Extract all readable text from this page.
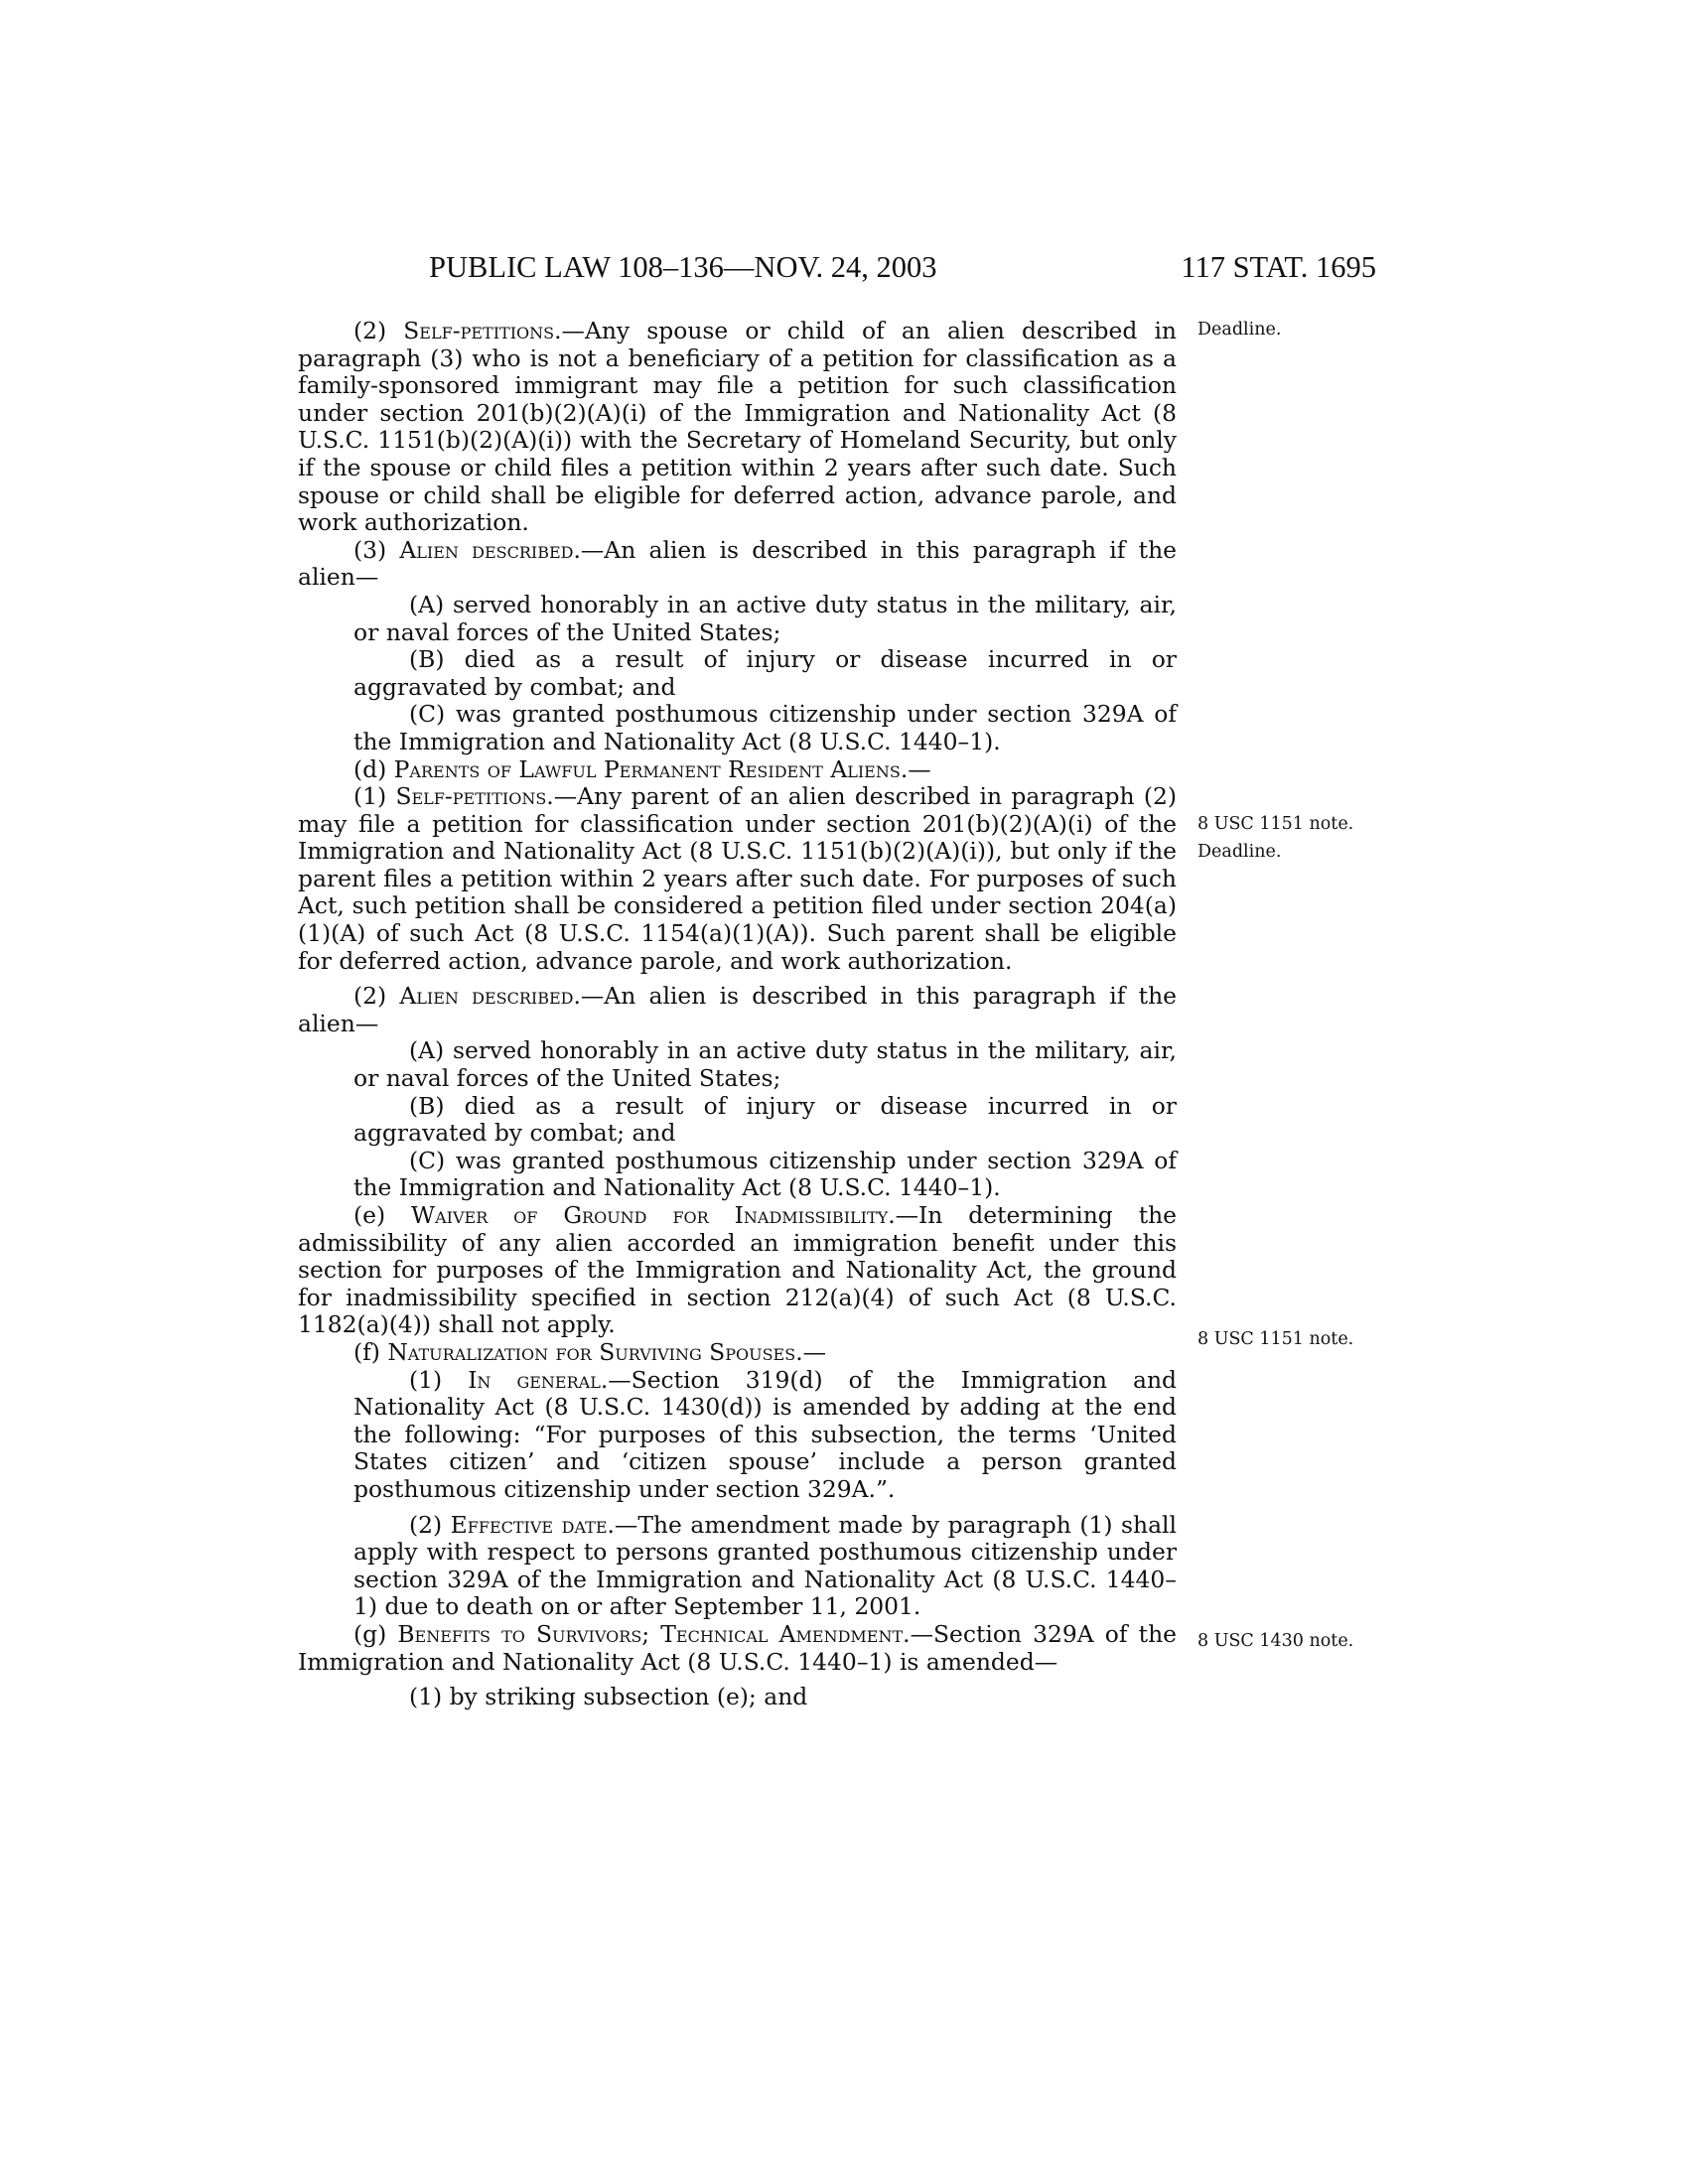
PUBLIC LAW 108–136—NOV. 24, 2003	117 STAT. 1695
Deadline.
8 USC 1151 note.
Deadline.
8 USC 1151 note.
8 USC 1430 note.

(2) Self-petitions.—Any spouse or child of an alien described in paragraph (3) who is not a beneficiary of a petition for classification as a family-sponsored immigrant may file a petition for such classification under section 201(b)(2)(A)(i) of the Immigration and Nationality Act (8 U.S.C. 1151(b)(2)(A)(i)) with the Secretary of Homeland Security, but only if the spouse or child files a petition within 2 years after such date. Such spouse or child shall be eligible for deferred action, advance parole, and work authorization.

(3) Alien described.—An alien is described in this paragraph if the alien—

(A) served honorably in an active duty status in the military, air, or naval forces of the United States;

(B) died as a result of injury or disease incurred in or aggravated by combat; and

(C) was granted posthumous citizenship under section 329A of the Immigration and Nationality Act (8 U.S.C. 1440–1).

(d) Parents of Lawful Permanent Resident Aliens.—

(1) Self-petitions.—Any parent of an alien described in paragraph (2) may file a petition for classification under section 201(b)(2)(A)(i) of the Immigration and Nationality Act (8 U.S.C. 1151(b)(2)(A)(i)), but only if the parent files a petition within 2 years after such date. For purposes of such Act, such petition shall be considered a petition filed under section 204(a)(1)(A) of such Act (8 U.S.C. 1154(a)(1)(A)). Such parent shall be eligible for deferred action, advance parole, and work authorization.

(2) Alien described.—An alien is described in this paragraph if the alien—

(A) served honorably in an active duty status in the military, air, or naval forces of the United States;

(B) died as a result of injury or disease incurred in or aggravated by combat; and

(C) was granted posthumous citizenship under section 329A of the Immigration and Nationality Act (8 U.S.C. 1440–1).

(e) Waiver of Ground for Inadmissibility.—In determining the admissibility of any alien accorded an immigration benefit under this section for purposes of the Immigration and Nationality Act, the ground for inadmissibility specified in section 212(a)(4) of such Act (8 U.S.C. 1182(a)(4)) shall not apply.

(f) Naturalization for Surviving Spouses.—

(1) In general.—Section 319(d) of the Immigration and Nationality Act (8 U.S.C. 1430(d)) is amended by adding at the end the following: “For purposes of this subsection, the terms ‘United States citizen’ and ‘citizen spouse’ include a person granted posthumous citizenship under section 329A.”.

(2) Effective date.—The amendment made by paragraph (1) shall apply with respect to persons granted posthumous citizenship under section 329A of the Immigration and Nationality Act (8 U.S.C. 1440–1) due to death on or after September 11, 2001.

(g) Benefits to Survivors; Technical Amendment.—Section 329A of the Immigration and Nationality Act (8 U.S.C. 1440–1) is amended—

(1) by striking subsection (e); and
